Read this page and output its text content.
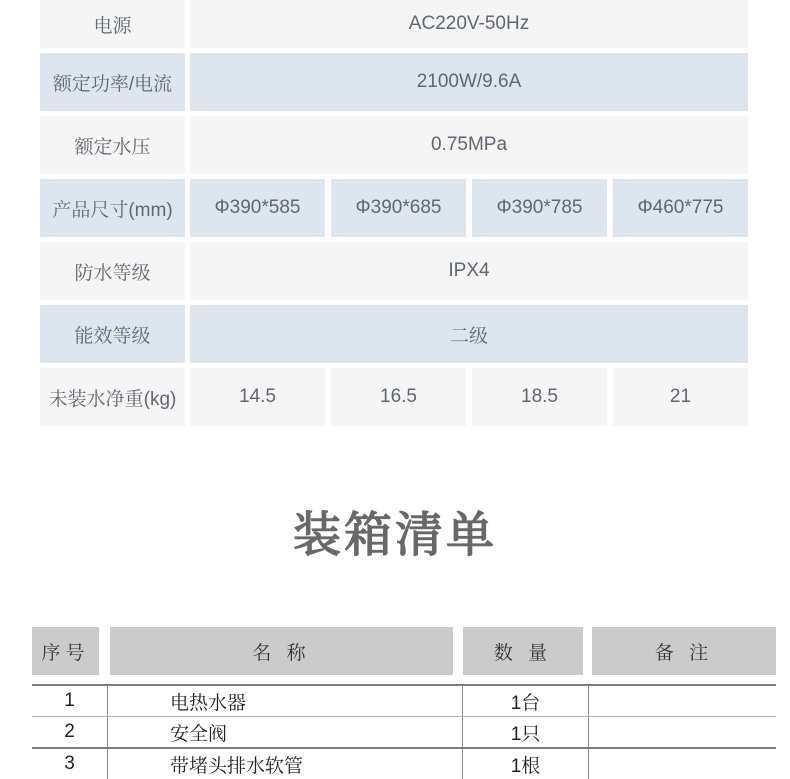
电源	AC220V-50Hz
额定功率/电流	2100W/9.6A
额定水压	0.75MPa
产品尺寸(mm)	Φ390*585	Φ390*685	Φ390*785	Φ460*775
防水等级	IPX4
能效等级	二级
未装水净重(kg)	14.5	16.5	18.5	21
装箱清单
序号	名 称	数 量	备 注
1	电热水器	1台
2	安全阀	1只
3	带堵头排水软管	1根
